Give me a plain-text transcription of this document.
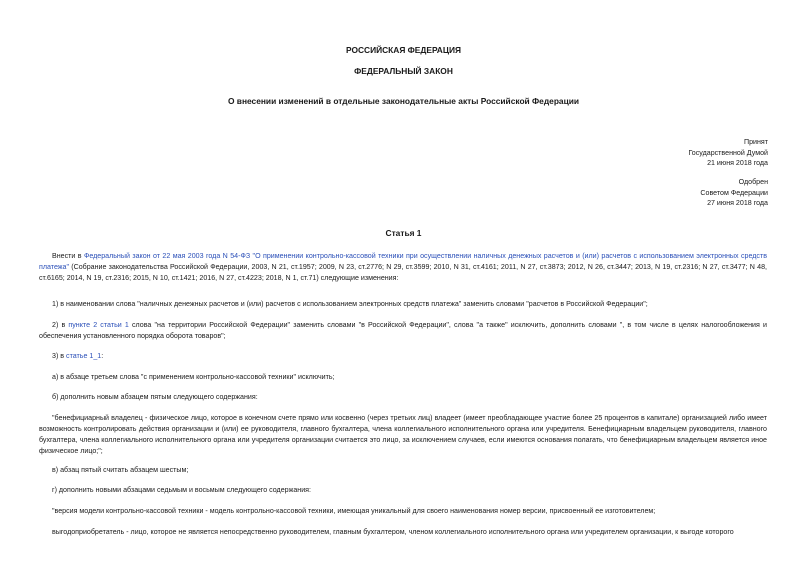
РОССИЙСКАЯ ФЕДЕРАЦИЯ
ФЕДЕРАЛЬНЫЙ ЗАКОН
О внесении изменений в отдельные законодательные акты Российской Федерации
Принят
Государственной Думой
21 июня 2018 года
Одобрен
Советом Федерации
27 июня 2018 года
Статья 1
Внести в Федеральный закон от 22 мая 2003 года N 54-ФЗ "О применении контрольно-кассовой техники при осуществлении наличных денежных расчетов и (или) расчетов с использованием электронных средств платежа" (Собрание законодательства Российской Федерации, 2003, N 21, ст.1957; 2009, N 23, ст.2776; N 29, ст.3599; 2010, N 31, ст.4161; 2011, N 27, ст.3873; 2012, N 26, ст.3447; 2013, N 19, ст.2316; N 27, ст.3477; N 48, ст.6165; 2014, N 19, ст.2316; 2015, N 10, ст.1421; 2016, N 27, ст.4223; 2018, N 1, ст.71) следующие изменения:
1) в наименовании слова "наличных денежных расчетов и (или) расчетов с использованием электронных средств платежа" заменить словами "расчетов в Российской Федерации";
2) в пункте 2 статьи 1 слова "на территории Российской Федерации" заменить словами "в Российской Федерации", слова "а также" исключить, дополнить словами ", в том числе в целях налогообложения и обеспечения установленного порядка оборота товаров";
3) в статье 1_1:
а) в абзаце третьем слова "с применением контрольно-кассовой техники" исключить;
б) дополнить новым абзацем пятым следующего содержания:
"бенефициарный владелец - физическое лицо, которое в конечном счете прямо или косвенно (через третьих лиц) владеет (имеет преобладающее участие более 25 процентов в капитале) организацией либо имеет возможность контролировать действия организации и (или) ее руководителя, главного бухгалтера, члена коллегиального исполнительного органа или учредителя. Бенефициарным владельцем руководителя, главного бухгалтера, члена коллегиального исполнительного органа или учредителя организации считается это лицо, за исключением случаев, если имеются основания полагать, что бенефициарным владельцем является иное физическое лицо;";
в) абзац пятый считать абзацем шестым;
г) дополнить новыми абзацами седьмым и восьмым следующего содержания:
"версия модели контрольно-кассовой техники - модель контрольно-кассовой техники, имеющая уникальный для своего наименования номер версии, присвоенный ее изготовителем;
выгодоприобретатель - лицо, которое не является непосредственно руководителем, главным бухгалтером, членом коллегиального исполнительного органа или учредителем организации, к выгоде которого
